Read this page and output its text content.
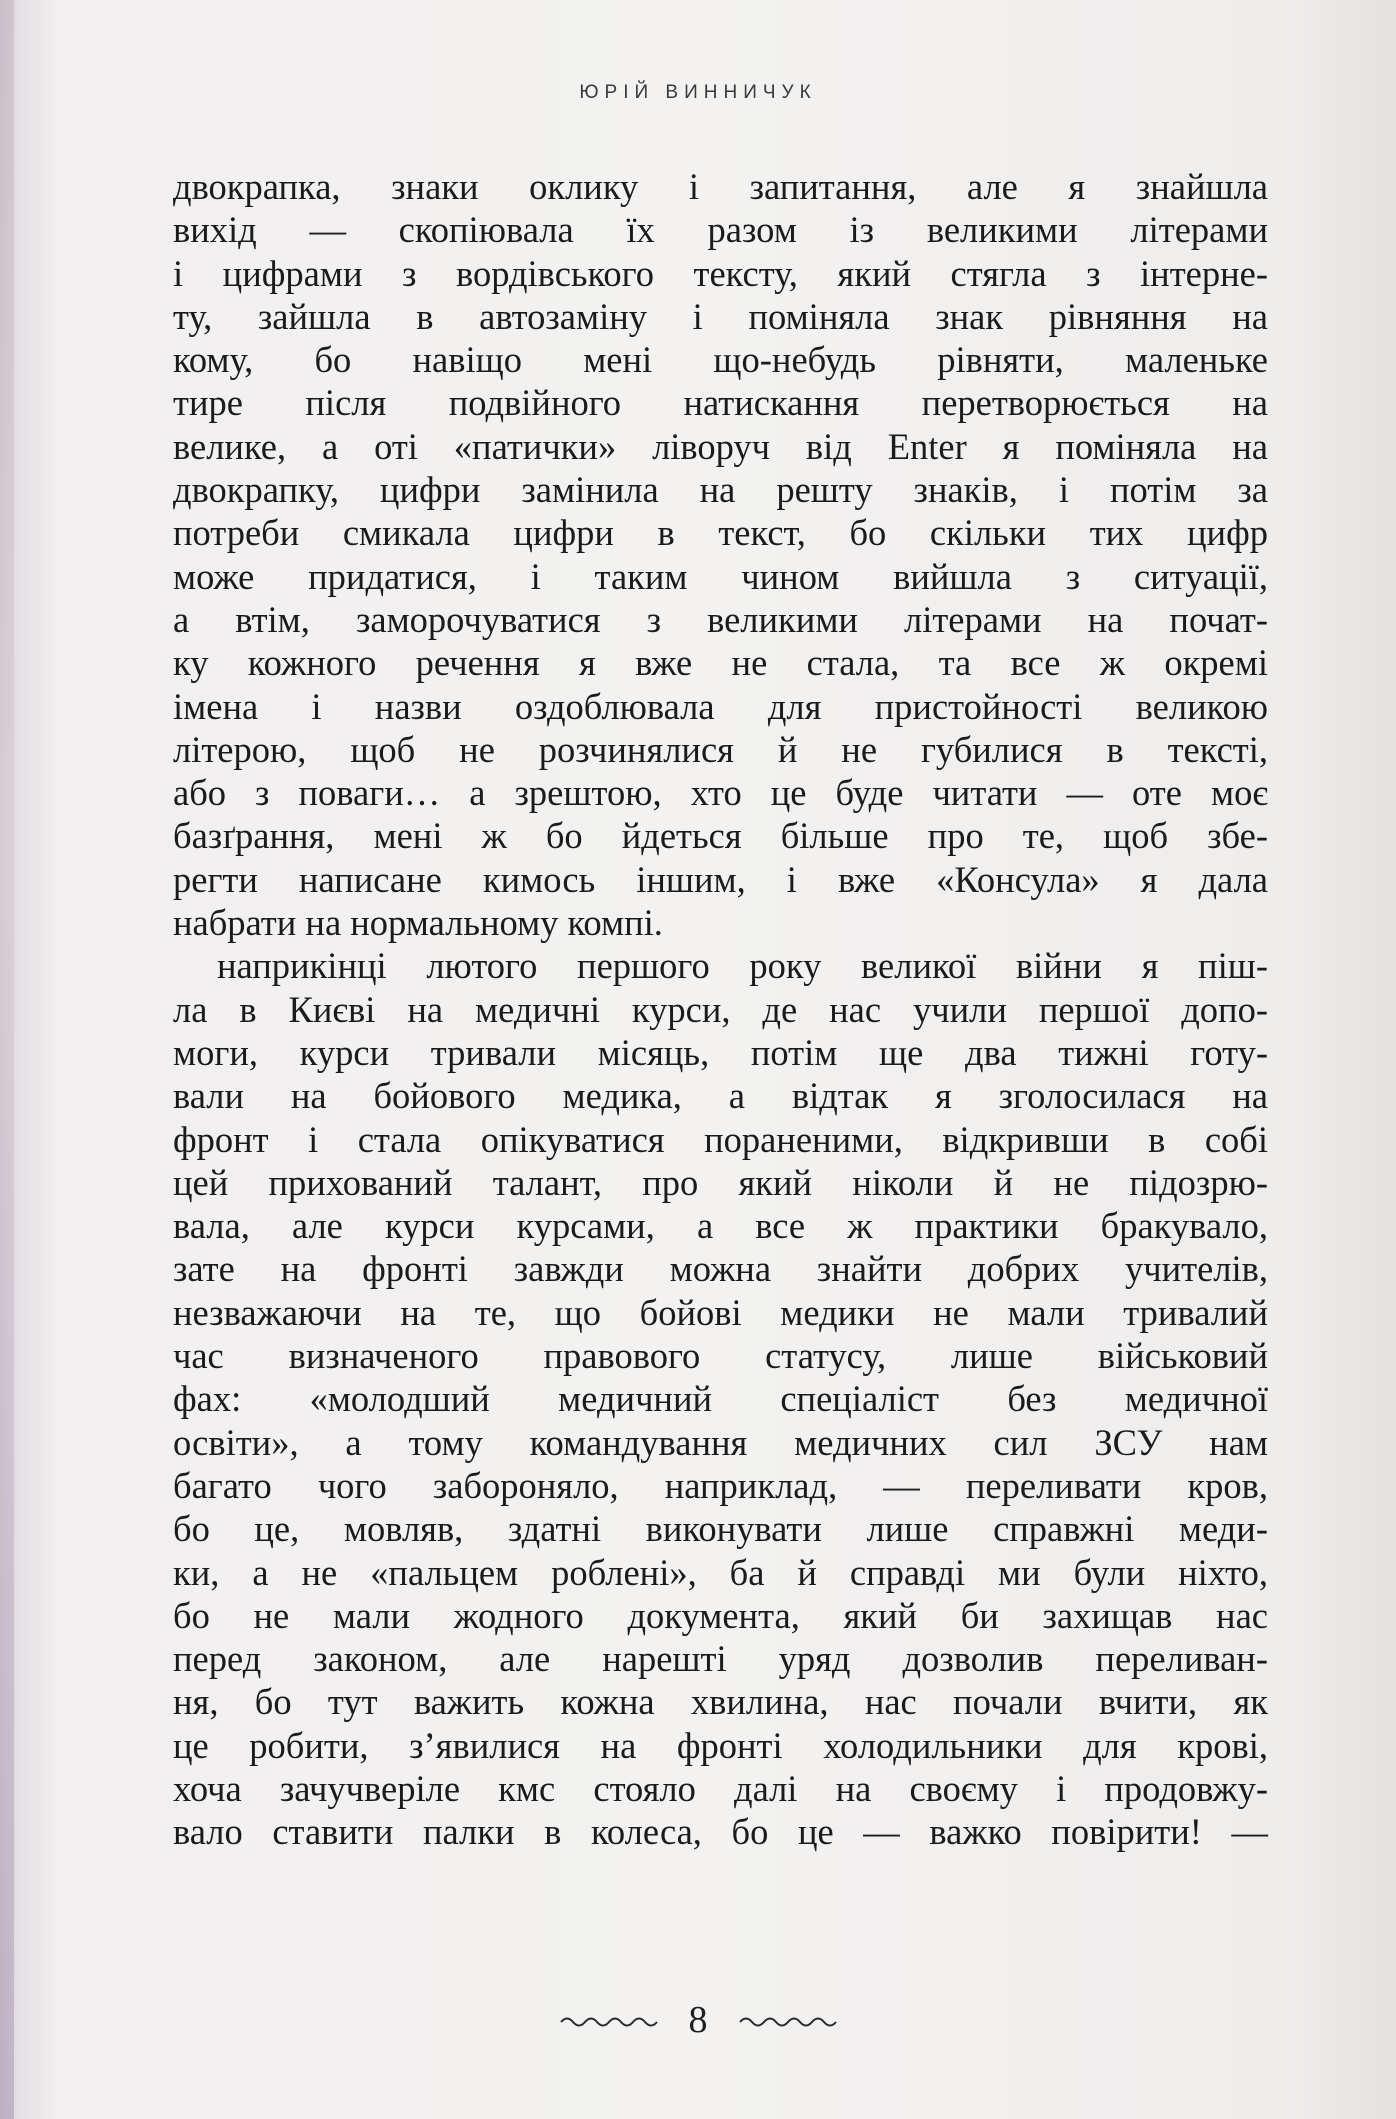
ЮРІЙ ВИННИЧУК

двокрапка, знаки оклику і запитання, але я знайшла

вихід — скопіювала їх разом із великими літерами

і цифрами з вордівського тексту, який стягла з інтерне-

ту, зайшла в автозаміну і поміняла знак рівняння на

кому, бо навіщо мені що-небудь рівняти, маленьке

тире після подвійного натискання перетворюється на

велике, а оті «патички» ліворуч від Enter я поміняла на

двокрапку, цифри замінила на решту знаків, і потім за

потреби смикала цифри в текст, бо скільки тих цифр

може придатися, і таким чином вийшла з ситуації,

а втім, заморочуватися з великими літерами на почат-

ку кожного речення я вже не стала, та все ж окремі

імена і назви оздоблювала для пристойності великою

літерою, щоб не розчинялися й не губилися в тексті,

або з поваги… а зрештою, хто це буде читати — оте моє

базґрання, мені ж бо йдеться більше про те, щоб збе-

регти написане кимось іншим, і вже «Консула» я дала

набрати на нормальному компі.

наприкінці лютого першого року великої війни я піш-

ла в Києві на медичні курси, де нас учили першої допо-

моги, курси тривали місяць, потім ще два тижні готу-

вали на бойового медика, а відтак я зголосилася на

фронт і стала опікуватися пораненими, відкривши в собі

цей прихований талант, про який ніколи й не підозрю-

вала, але курси курсами, а все ж практики бракувало,

зате на фронті завжди можна знайти добрих учителів,

незважаючи на те, що бойові медики не мали тривалий

час визначеного правового статусу, лише військовий

фах: «молодший медичний спеціаліст без медичної

освіти», а тому командування медичних сил ЗСУ нам

багато чого забороняло, наприклад, — переливати кров,

бо це, мовляв, здатні виконувати лише справжні меди-

ки, а не «пальцем роблені», ба й справді ми були ніхто,

бо не мали жодного документа, який би захищав нас

перед законом, але нарешті уряд дозволив переливан-

ня, бо тут важить кожна хвилина, нас почали вчити, як

це робити, з’явилися на фронті холодильники для крові,

хоча зачучверіле кмс стояло далі на своєму і продовжу-

вало ставити палки в колеса, бо це — важко повірити! —

8
